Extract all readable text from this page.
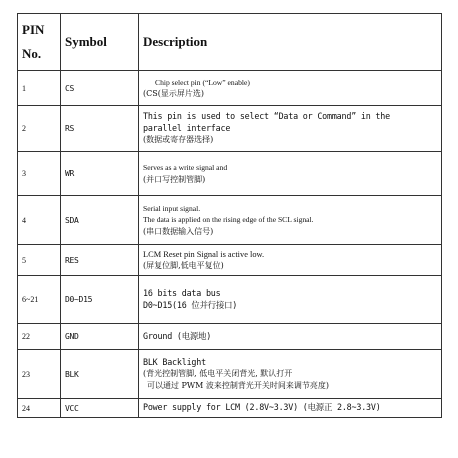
PIN
No.	Symbol	Description
1	CS	Chip select pin (“Low” enable)
(CS(显示屏片选)

2	RS	This pin is used to select “Data or Command” in the
parallel interface
(数据或寄存器选择)

3	WR	Serves as a write signal and
(并口写控制管脚)

4	SDA	Serial input signal.
The data is applied on the rising edge of the SCL signal.
(串口数据输入信号)

5	RES	LCM Reset pin Signal is active low.
(屏复位脚,低电平复位)

6~21	D0~D15	16 bits data bus
D0~D15(16 位并行接口)

22	GND	Ground (电源地)

23	BLK	BLK Backlight
(背光控制管脚, 低电平关闭背光, 默认打开
可以通过 PWM 波来控制背光开关时间来调节亮度)

24	VCC	Power supply for LCM (2.8V~3.3V) (电源正 2.8~3.3V)
